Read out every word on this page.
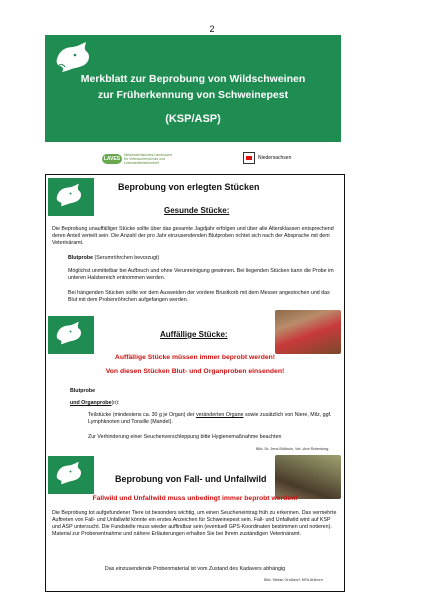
2
Merkblatt zur Beprobung von Wildschweinen
zur Früherkennung von Schweinepest
(KSP/ASP)
LAVESNiedersächsisches Landesamt für Verbraucherschutz und Lebensmittelsicherheit
Niedersachsen
Beprobung von erlegten Stücken
Gesunde Stücke:
Die Beprobung unauffälliger Stücke sollte über das gesamte Jagdjahr erfolgen und über alle Altersklassen entsprechend deren Anteil verteilt sein. Die Anzahl der pro Jahr einzusendenden Blutproben richtet sich nach der Absprache mit dem Veterinäramt.
Blutprobe (Serumröhrchen bevorzugt)
Möglichst unmittelbar bei Aufbruch und ohne Verunreinigung gewinnen. Bei liegenden Stücken kann die Probe im unteren Halsbereich entnommen werden.
Bei hängenden Stücken sollte vor dem Ausweiden der vordere Brustkorb mit dem Messer angestochen und das Blut mit dem Probenröhrchen aufgefangen werden.
Auffällige Stücke:
Auffällige Stücke müssen immer beprobt werden!
Von diesen Stücken Blut- und Organproben einsenden!
Blutprobe
und Organprobe(n):
Teilstücke (mindestens ca. 30 g je Organ) der veränderten Organe sowie zusätzlich von Niere, Milz, ggf. Lymphknoten und Tonsille (Mandel).
Zur Verhinderung einer Seuchenverschleppung bitte Hygienemaßnahme beachten
Bild: Dr. Jens Bülthuis, Vet.-Amt Rotenburg
Beprobung von Fall- und Unfallwild
Fallwild und Unfallwild muss unbedingt immer beprobt werden!
Die Beprobung tot aufgefundener Tiere ist besonders wichtig, um einen Seucheneintrag früh zu erkennen. Das vermehrte Auftreten von Fall- und Unfallwild könnte ein erstes Anzeichen für Schweinepest sein. Fall- und Unfallwild wird auf KSP und ASP untersucht. Die Fundstelle muss wieder auffindbar sein (eventuell GPS-Koordinaten bestimmen und notieren). Material zur Probenentnahme und nähere Erläuterungen erhalten Sie bei Ihrem zuständigen Veterinäramt.
Das einzusendende Probenmaterial ist vom Zustand des Kadavers abhängig
Bild: Stefan Grußdorf, NFA Ahlhorn
